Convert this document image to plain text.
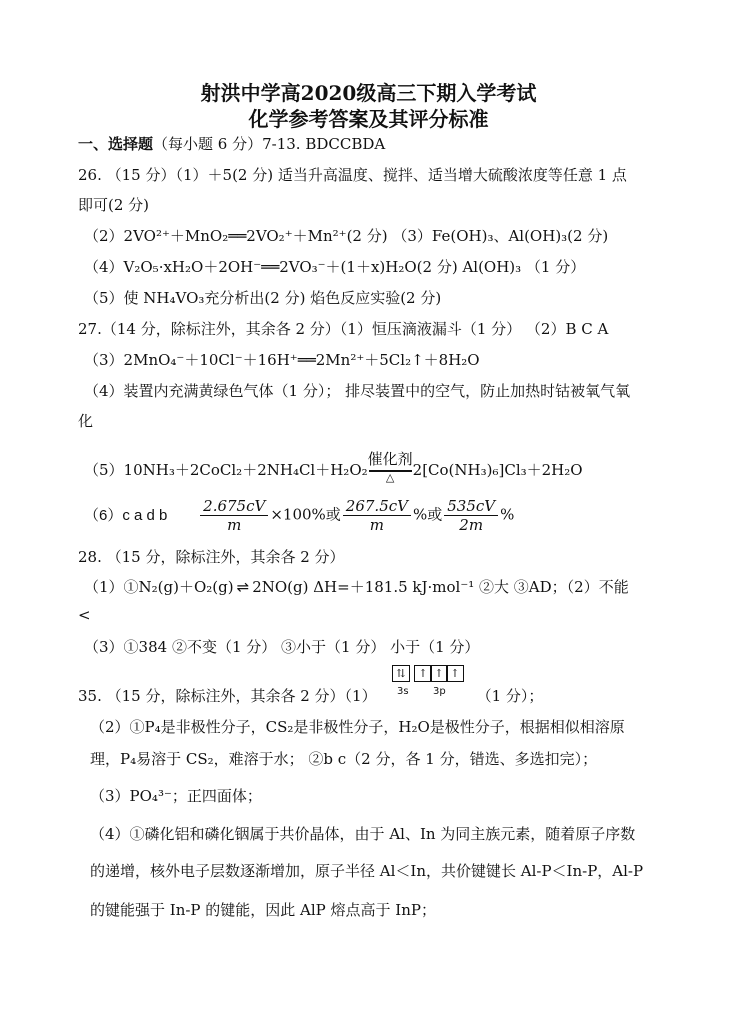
射洪中学高2020级高三下期入学考试
化学参考答案及其评分标准
一、选择题（每小题 6 分）7-13. BDCCBDA
26. （15 分）（1）＋5(2 分) 适当升高温度、搅拌、适当增大硫酸浓度等任意 1 点
即可(2 分)
（2）2VO²⁺＋MnO₂══2VO₂⁺＋Mn²⁺(2 分) （3）Fe(OH)₃、Al(OH)₃(2 分)
（4）V₂O₅·xH₂O＋2OH⁻══2VO₃⁻＋(1＋x)H₂O(2 分) Al(OH)₃ （1 分）
（5）使 NH₄VO₃充分析出(2 分) 焰色反应实验(2 分)
27.（14 分，除标注外，其余各 2 分）（1）恒压滴液漏斗（1 分） （2）B C A
（3）2MnO₄⁻＋10Cl⁻＋16H⁺══2Mn²⁺＋5Cl₂↑＋8H₂O
（4）装置内充满黄绿色气体（1 分）； 排尽装置中的空气，防止加热时钴被氧气氧
化
（5）10NH₃＋2CoCl₂＋2NH₄Cl＋H₂O₂
催化剂
△	2[Co(NH₃)₆]Cl₃＋2H₂O
（6）c a d b $\frac{2.675cV}{m} \times 100\%$或 $\frac{267.5cV}{m}$ %或 $\frac{535cV}{2m}$ %
28. （15 分，除标注外，其余各 2 分）
（1）①N₂(g)＋O₂(g) ⇌ 2NO(g) ΔH=＋181.5 kJ·mol⁻¹ ②大 ③AD；（2）不能
<
（3）①384 ②不变（1 分） ③小于（1 分） 小于（1 分）
35. （15 分，除标注外，其余各 2 分）（1）	（1 分）；
⇅	↑ ↑ ↑
3s 3p
（2）①P₄是非极性分子，CS₂是非极性分子，H₂O是极性分子，根据相似相溶原
理，P₄易溶于 CS₂，难溶于水； ②b c（2 分，各 1 分，错选、多选扣完）；
（3）PO₄³⁻；正四面体；
（4）①磷化铝和磷化铟属于共价晶体，由于 Al、In 为同主族元素，随着原子序数
的递增，核外电子层数逐渐增加，原子半径 Al＜In，共价键键长 Al-P＜In-P，Al-P
的键能强于 In-P 的键能，因此 AlP 熔点高于 InP；
